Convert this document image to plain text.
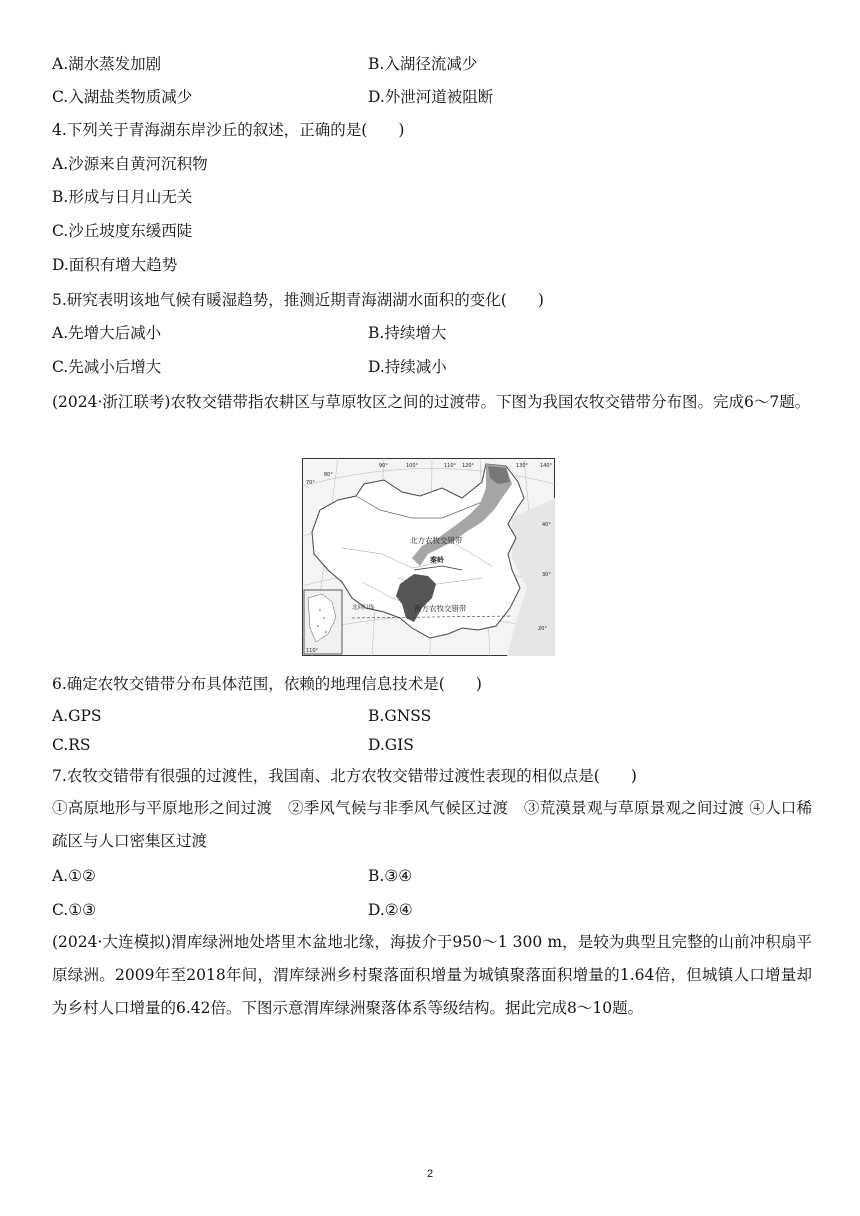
A.湖水蒸发加剧	B.入湖径流减少
C.入湖盐类物质减少	D.外泄河道被阻断
4.下列关于青海湖东岸沙丘的叙述，正确的是(　　)
A.沙源来自黄河沉积物
B.形成与日月山无关
C.沙丘坡度东缓西陡
D.面积有增大趋势
5.研究表明该地气候有暖湿趋势，推测近期青海湖湖水面积的变化(　　)
A.先增大后减小	B.持续增大
C.先减小后增大	D.持续减小
(2024·浙江联考)农牧交错带指农耕区与草原牧区之间的过渡带。下图为我国农牧交错带分布图。完成6～7题。
北方农牧交错带
秦岭
南方农牧交错带
北回归线
90°	100°	110° 120°	130° 140°
80°
70°
40°
30°
20°
110°
6.确定农牧交错带分布具体范围，依赖的地理信息技术是(　　)
A.GPS	B.GNSS
C.RS	D.GIS
7.农牧交错带有很强的过渡性，我国南、北方农牧交错带过渡性表现的相似点是(　　)
①高原地形与平原地形之间过渡　②季风气候与非季风气候区过渡　③荒漠景观与草原景观之间过渡 ④人口稀疏区与人口密集区过渡
A.①②	B.③④
C.①③	D.②④
(2024·大连模拟)渭库绿洲地处塔里木盆地北缘，海拔介于950～1 300 m，是较为典型且完整的山前冲积扇平原绿洲。2009年至2018年间，渭库绿洲乡村聚落面积增量为城镇聚落面积增量的1.64倍，但城镇人口增量却为乡村人口增量的6.42倍。下图示意渭库绿洲聚落体系等级结构。据此完成8～10题。
2
